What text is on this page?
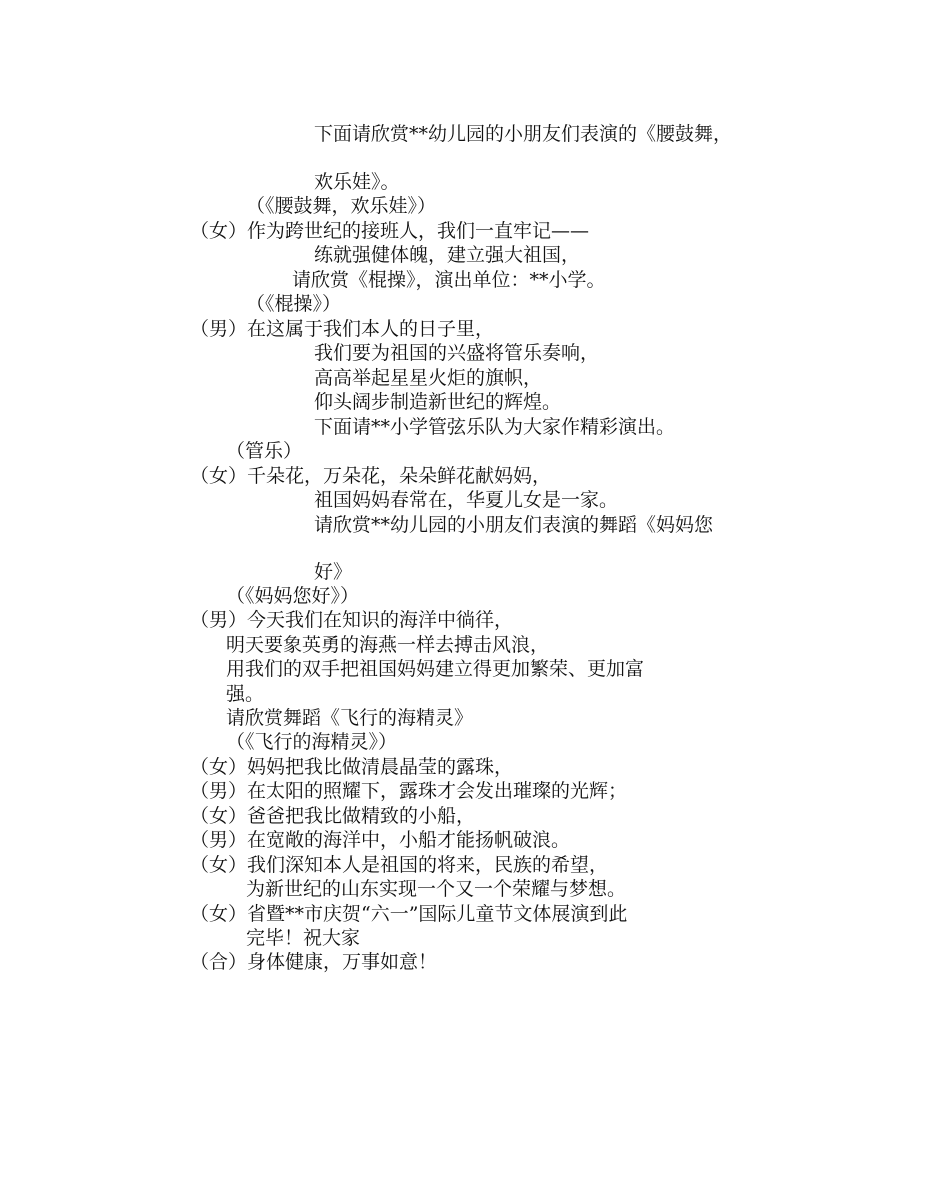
下面请欣赏**幼儿园的小朋友们表演的《腰鼓舞，
欢乐娃》。
（《腰鼓舞，欢乐娃》）
（女）作为跨世纪的接班人，我们一直牢记——
练就强健体魄，建立强大祖国，
请欣赏《棍操》，演出单位：**小学。
（《棍操》）
（男）在这属于我们本人的日子里，
我们要为祖国的兴盛将管乐奏响，
高高举起星星火炬的旗帜，
仰头阔步制造新世纪的辉煌。
下面请**小学管弦乐队为大家作精彩演出。
（管乐）
（女）千朵花，万朵花，朵朵鲜花献妈妈，
祖国妈妈春常在，华夏儿女是一家。
请欣赏**幼儿园的小朋友们表演的舞蹈《妈妈您
好》
（《妈妈您好》）
（男）今天我们在知识的海洋中徜徉，
明天要象英勇的海燕一样去搏击风浪，
用我们的双手把祖国妈妈建立得更加繁荣、更加富
强。
请欣赏舞蹈《飞行的海精灵》
（《飞行的海精灵》）
（女）妈妈把我比做清晨晶莹的露珠，
（男）在太阳的照耀下，露珠才会发出璀璨的光辉；
（女）爸爸把我比做精致的小船，
（男）在宽敞的海洋中，小船才能扬帆破浪。
（女）我们深知本人是祖国的将来，民族的希望，
为新世纪的山东实现一个又一个荣耀与梦想。
（女）省暨**市庆贺“六一”国际儿童节文体展演到此
完毕！祝大家
（合）身体健康，万事如意！
